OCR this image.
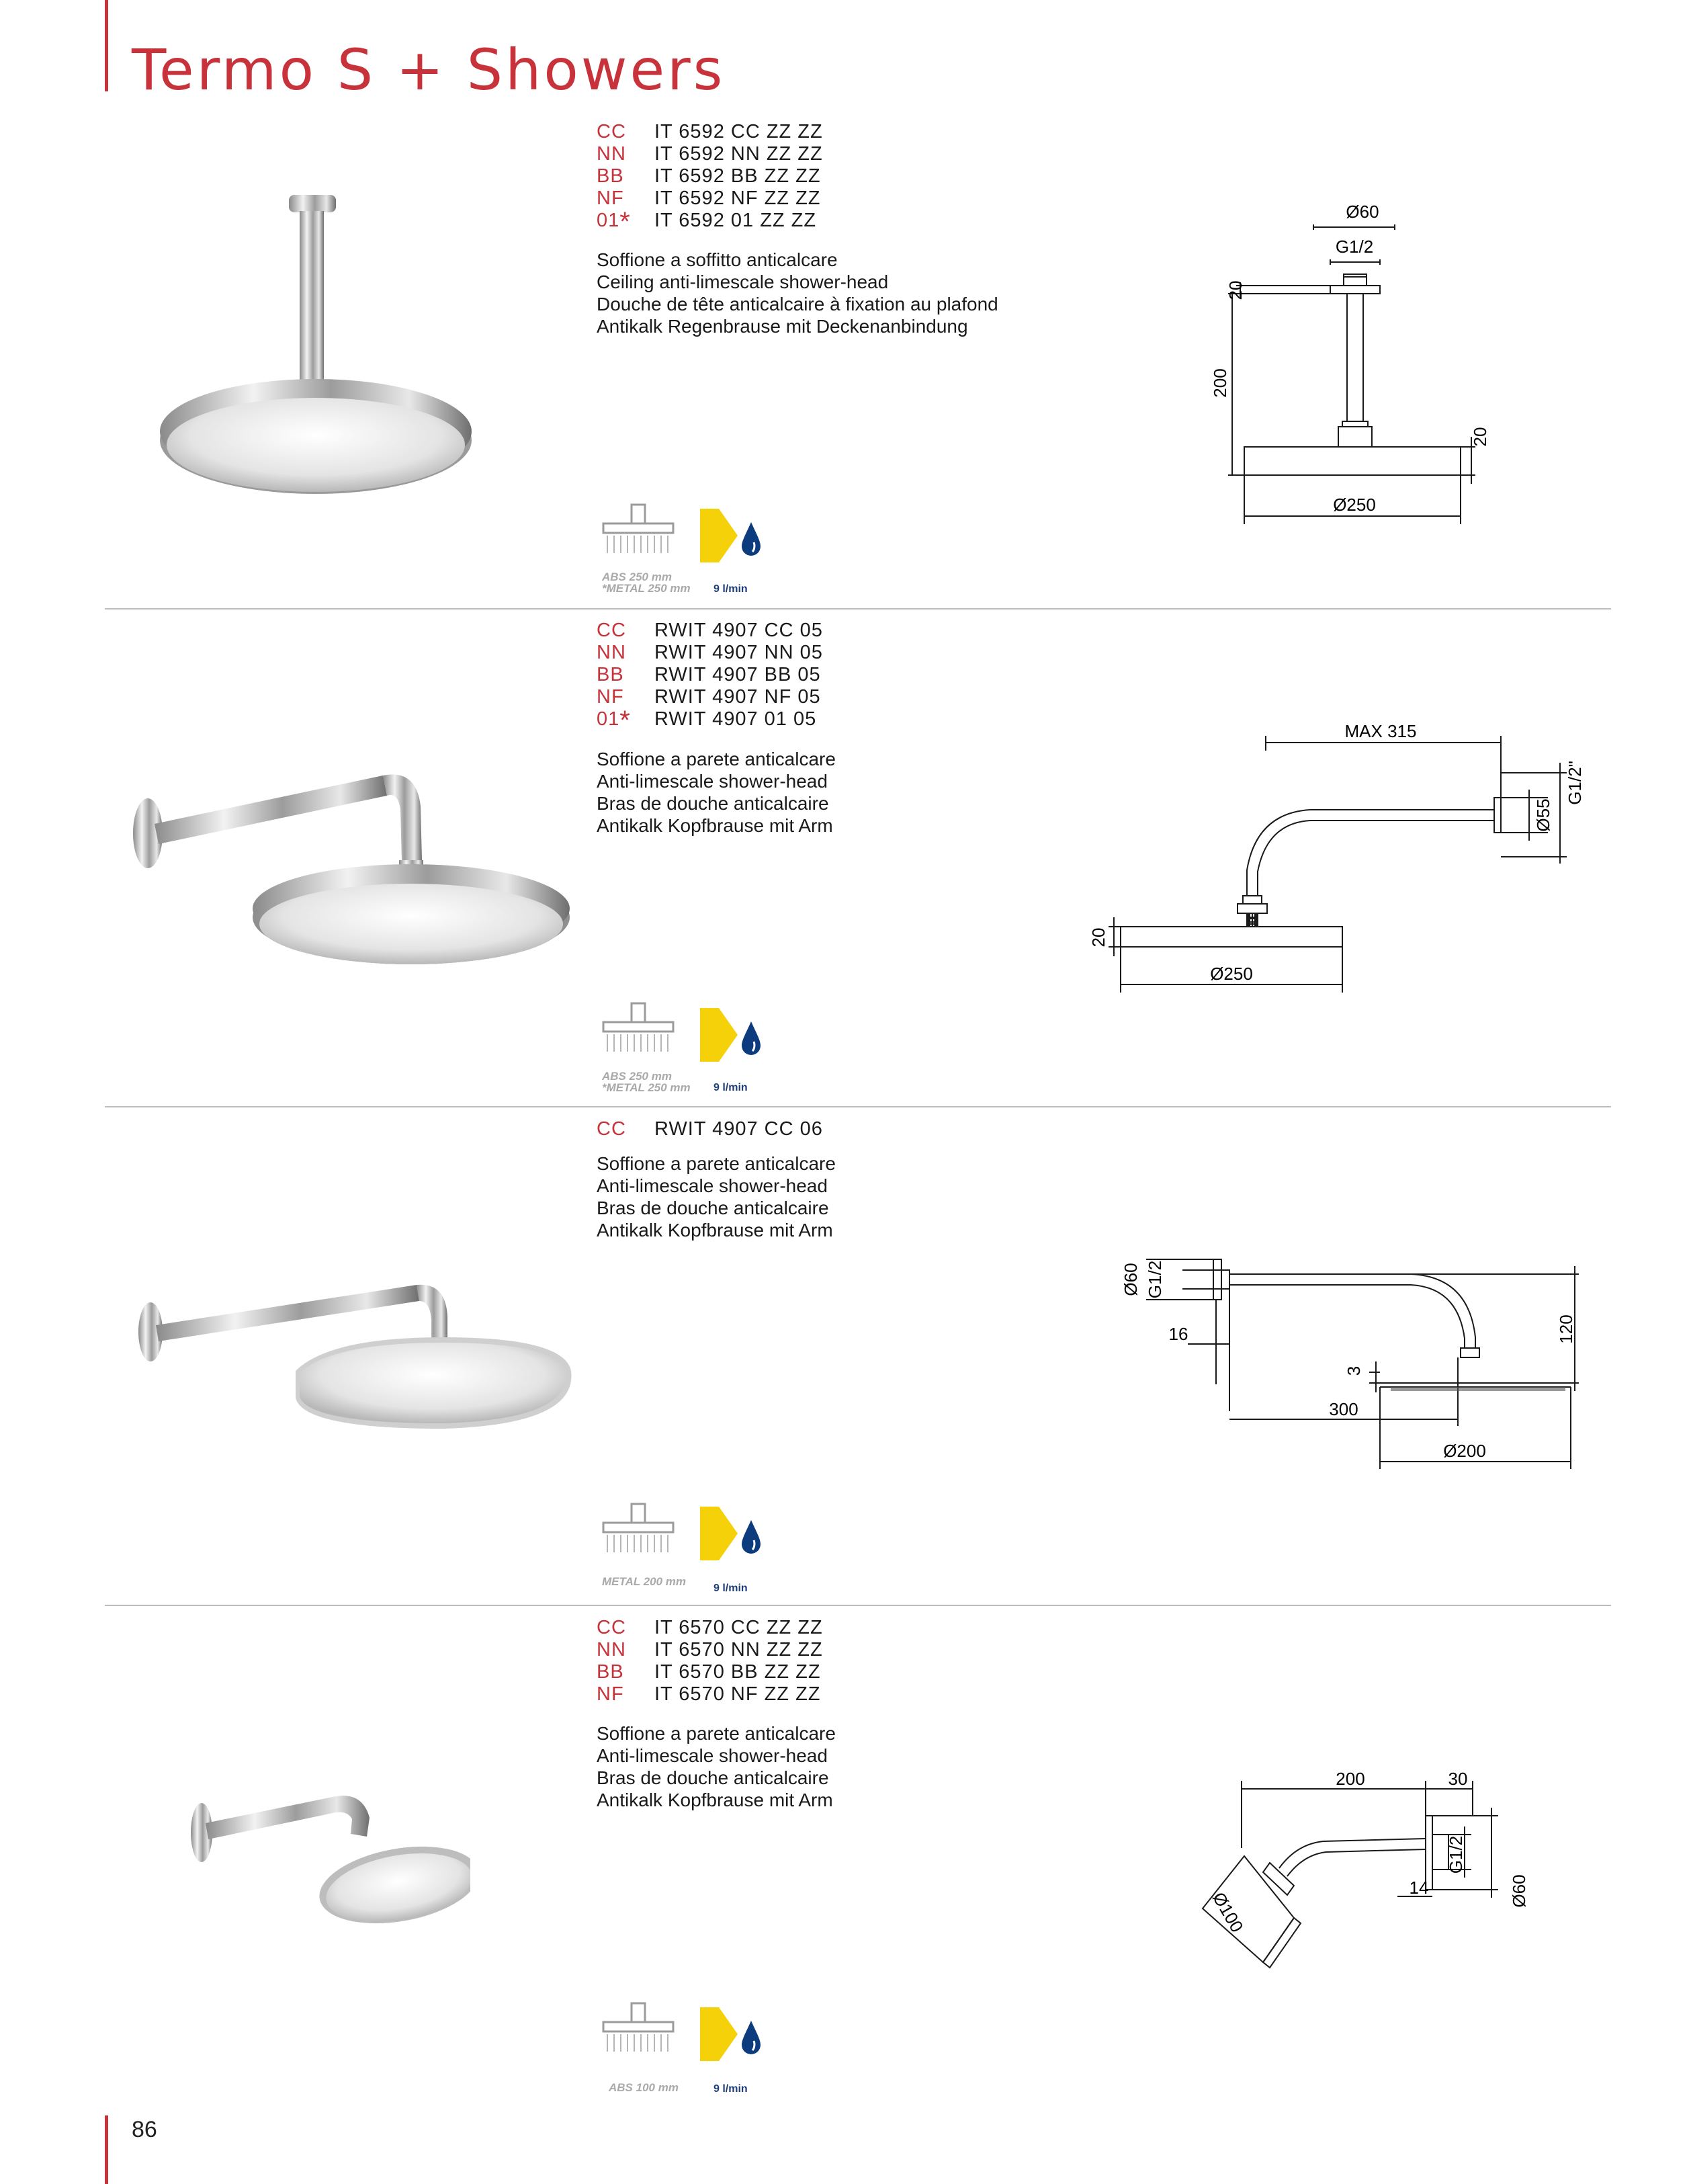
Termo S + Showers
CC	IT 6592 CC ZZ ZZ
NN	IT 6592 NN ZZ ZZ
BB	IT 6592 BB ZZ ZZ
NF	IT 6592 NF ZZ ZZ
01*	IT 6592 01 ZZ ZZ
Soffione a soffitto anticalcare
Ceiling anti-limescale shower-head
Douche de tête anticalcaire à fixation au plafond
Antikalk Regenbrause mit Deckenanbindung
ABS 250 mm
*METAL 250 mm 9 l/min
Ø60
G1/2
20
200
20
Ø250
CC	RWIT 4907 CC 05
NN	RWIT 4907 NN 05
BB	RWIT 4907 BB 05
NF	RWIT 4907 NF 05
01*	RWIT 4907 01 05
Soffione a parete anticalcare
Anti-limescale shower-head
Bras de douche anticalcaire
Antikalk Kopfbrause mit Arm
ABS 250 mm
*METAL 250 mm 9 l/min
MAX 315
G1/2"
Ø55
20
Ø250
CC	RWIT 4907 CC 06
Soffione a parete anticalcare
Anti-limescale shower-head
Bras de douche anticalcaire
Antikalk Kopfbrause mit Arm
METAL 200 mm
9 l/min
Ø60 G1/2
16
3
120
300
Ø200
CC	IT 6570 CC ZZ ZZ
NN	IT 6570 NN ZZ ZZ
BB	IT 6570 BB ZZ ZZ
NF	IT 6570 NF ZZ ZZ
Soffione a parete anticalcare
Anti-limescale shower-head
Bras de douche anticalcaire
Antikalk Kopfbrause mit Arm
ABS 100 mm	9 l/min
200	30
G1/2
14	Ø60
Ø100
86
